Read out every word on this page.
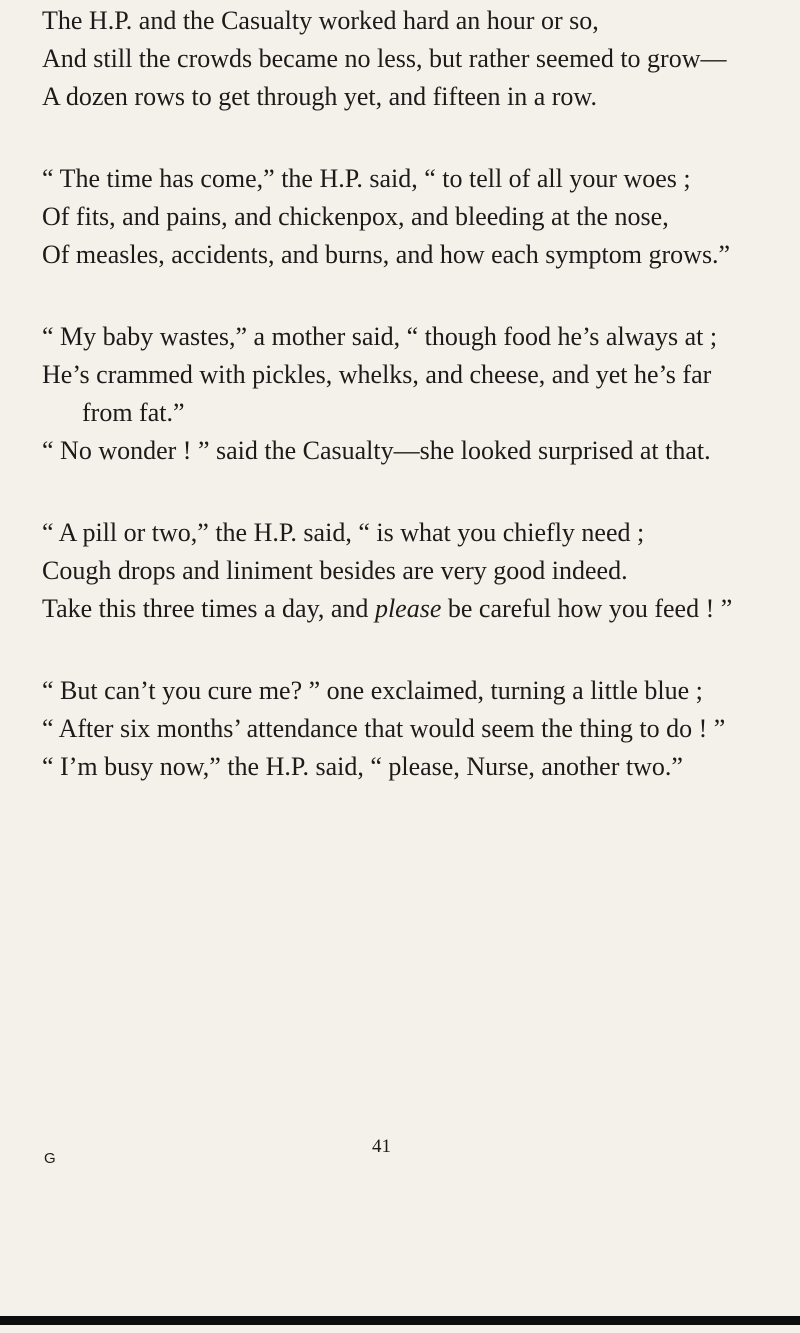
The H.P. and the Casualty worked hard an hour or so,

And still the crowds became no less, but rather seemed to grow—

A dozen rows to get through yet, and fifteen in a row.

“ The time has come,” the H.P. said, “ to tell of all your woes ;

Of fits, and pains, and chickenpox, and bleeding at the nose,

Of measles, accidents, and burns, and how each symptom grows.”

“ My baby wastes,” a mother said, “ though food he’s always at ;

He’s crammed with pickles, whelks, and cheese, and yet he’s far from fat.”

“ No wonder ! ” said the Casualty—she looked surprised at that.

“ A pill or two,” the H.P. said, “ is what you chiefly need ;

Cough drops and liniment besides are very good indeed.

Take this three times a day, and please be careful how you feed ! ”

“ But can’t you cure me? ” one exclaimed, turning a little blue ;

“ After six months’ attendance that would seem the thing to do ! ”

“ I’m busy now,” the H.P. said, “ please, Nurse, another two.”

41
G
